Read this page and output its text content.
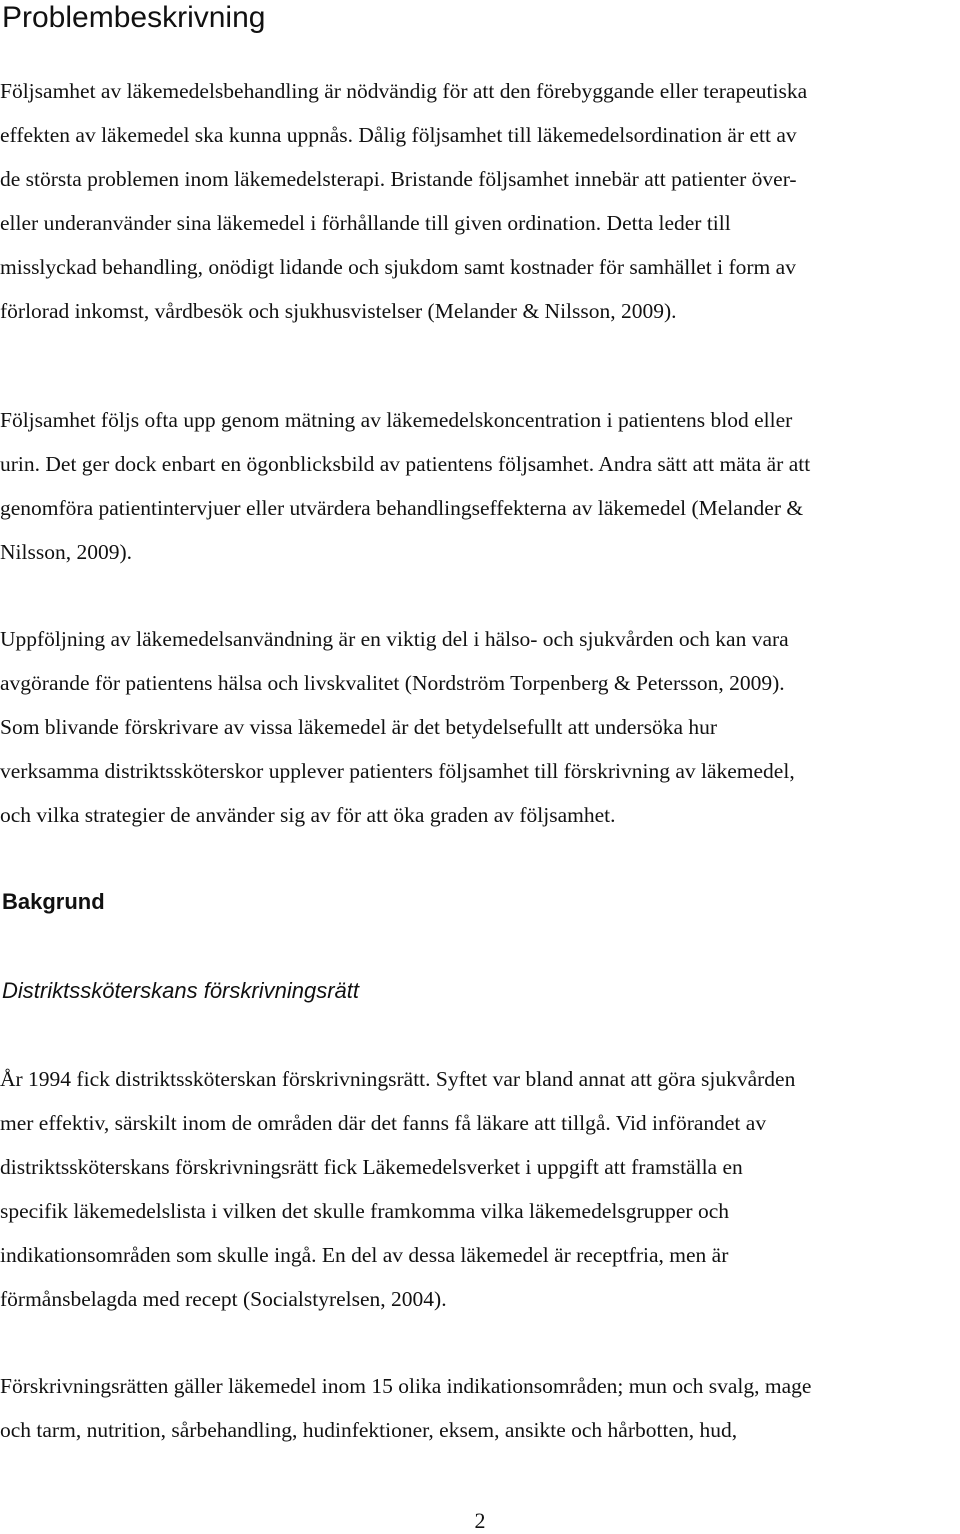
Problembeskrivning

Följsamhet av läkemedelsbehandling är nödvändig för att den förebyggande eller terapeutiska
effekten av läkemedel ska kunna uppnås. Dålig följsamhet till läkemedelsordination är ett av
de största problemen inom läkemedelsterapi. Bristande följsamhet innebär att patienter över-
eller underanvänder sina läkemedel i förhållande till given ordination. Detta leder till
misslyckad behandling, onödigt lidande och sjukdom samt kostnader för samhället i form av
förlorad inkomst, vårdbesök och sjukhusvistelser (Melander & Nilsson, 2009).

Följsamhet följs ofta upp genom mätning av läkemedelskoncentration i patientens blod eller
urin. Det ger dock enbart en ögonblicksbild av patientens följsamhet. Andra sätt att mäta är att
genomföra patientintervjuer eller utvärdera behandlingseffekterna av läkemedel (Melander &
Nilsson, 2009).

Uppföljning av läkemedelsanvändning är en viktig del i hälso- och sjukvården och kan vara
avgörande för patientens hälsa och livskvalitet (Nordström Torpenberg & Petersson, 2009).
Som blivande förskrivare av vissa läkemedel är det betydelsefullt att undersöka hur
verksamma distriktssköterskor upplever patienters följsamhet till förskrivning av läkemedel,
och vilka strategier de använder sig av för att öka graden av följsamhet.

Bakgrund
Distriktssköterskans förskrivningsrätt

År 1994 fick distriktssköterskan förskrivningsrätt. Syftet var bland annat att göra sjukvården
mer effektiv, särskilt inom de områden där det fanns få läkare att tillgå. Vid införandet av
distriktssköterskans förskrivningsrätt fick Läkemedelsverket i uppgift att framställa en
specifik läkemedelslista i vilken det skulle framkomma vilka läkemedelsgrupper och
indikationsområden som skulle ingå. En del av dessa läkemedel är receptfria, men är
förmånsbelagda med recept (Socialstyrelsen, 2004).

Förskrivningsrätten gäller läkemedel inom 15 olika indikationsområden; mun och svalg, mage
och tarm, nutrition, sårbehandling, hudinfektioner, eksem, ansikte och hårbotten, hud,

2
